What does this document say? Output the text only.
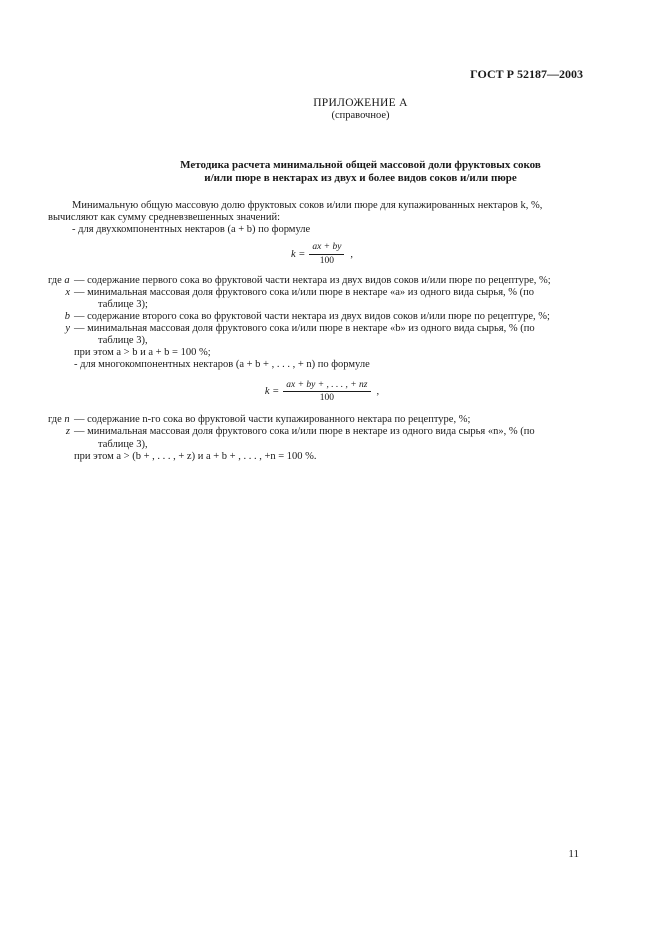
ГОСТ Р 52187—2003
ПРИЛОЖЕНИЕ А
(справочное)
Методика расчета минимальной общей массовой доли фруктовых соков
и/или пюре в нектарах из двух и более видов соков и/или пюре

Минимальную общую массовую долю фруктовых соков и/или пюре для купажированных нектаров k, %,

вычисляют как сумму средневзвешенных значений:

- для двухкомпонентных нектаров (a + b) по формуле

$k = \frac{ax + by}{100}$ ,
где a — содержание первого сока во фруктовой части нектара из двух видов соков и/или пюре по рецептуре, %;
x — минимальная массовая доля фруктового сока и/или пюре в нектаре «a» из одного вида сырья, % (по
таблице 3);
b — содержание второго сока во фруктовой части нектара из двух видов соков и/или пюре по рецептуре, %;
y — минимальная массовая доля фруктового сока и/или пюре в нектаре «b» из одного вида сырья, % (по
таблице 3),

при этом a > b и a + b = 100 %;

- для многокомпонентных нектаров (a + b + , . . . , + n) по формуле

$k = \frac{ax + by + , . . . , + nz}{100}$ ,
где n — содержание n-го сока во фруктовой части купажированного нектара по рецептуре, %;
z — минимальная массовая доля фруктового сока и/или пюре в нектаре из одного вида сырья «n», % (по
таблице 3),

при этом a > (b + , . . . , + z) и a + b + , . . . , +n = 100 %.

11
